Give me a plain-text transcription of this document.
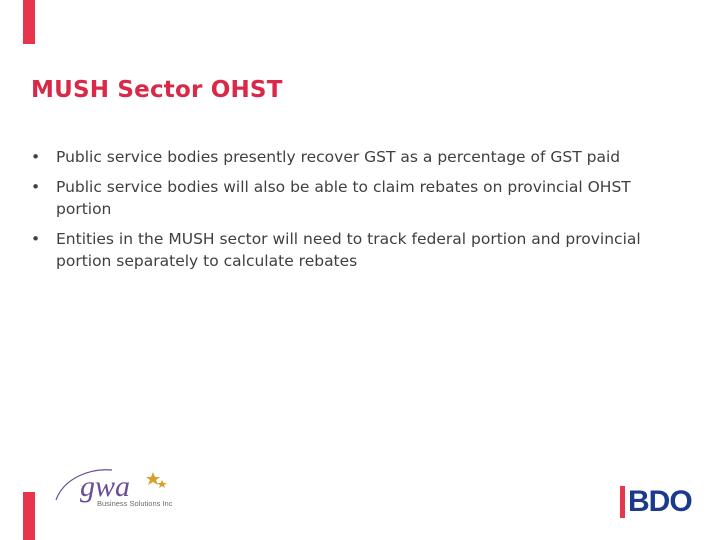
MUSH Sector OHST
• Public service bodies presently recover GST as a percentage of GST paid
• Public service bodies will also be able to claim rebates on provincial OHST portion
• Entities in the MUSH sector will need to track federal portion and provincial portion separately to calculate rebates
gwa
Business Solutions Inc	BDO
